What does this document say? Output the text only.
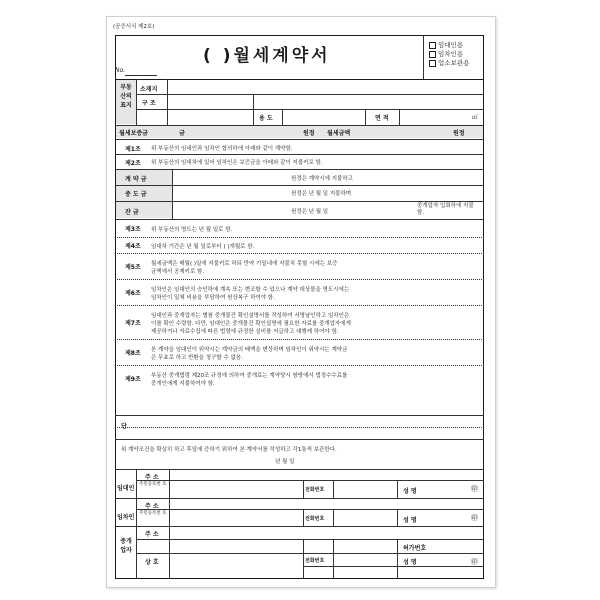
(공증서식 제2호)
No.
( )월세계약서
임대인용
임차인용
업소보관용
부동산의 표지
소재지
구 조
용 도	면 적	㎡
월세보증금	금	원정 월세금액	원정
제1조 위 부동산의 임대인과 임차인 합의하에 아래와 같이 계약함.
제2조 위 부동산의 임대차에 있어 임차인은 보증금을 아래와 같이 지불키로 함.
계 약 금	원정은 계약시에 지불하고
중 도 금	원정은 년 월 일 지불하며
잔 금	원정은 년 월 일
중개업자 입회하에 지불함.
제3조 위 부동산의 명도는 년 월 일로 함.
제4조 임대차 기간은 년 월 일로부터 ( )개월로 함.
제5조 월세금액은 매월( )일에 지불키로 하되 만약 기일내에 지불치 못할 시에는 보증
금액에서 공제키로 함.
제6조 임차인은 임대인의 승인하에 계속 또는 변조할 수 있으나 계약 대상물을 명도시에는
임차인이 일체 비용을 부담하여 원상복구 하여야 함.
제7조
임대인과 중개업자는 별첨 중개물건 확인설명서를 작성하여 서명날인하고 임차인은
이를 확인 수령함. 다만, 임대인은 중개물건 확인설명에 필요한 자료를 중개업자에게
제공하거나 자료수집에 따른 법령에 규정한 실비를 지급하고 대행케 하여야 함.
제8조 본 계약을 임대인이 위약시는 계약금의 배액을 변상하며 임차인이 위약시는 계약금
은 무효로 하고 반환을 청구할 수 없음.
제9조 부동산 중개법령 제20조 규정에 의하여 중개료는 계약당시 쌍방에서 법정수수료를
중개인에게 지불하여야 함.
단
위 계약조건을 확실히 하고 후일에 증하기 위하여 본 계약서를 작성하고 각1통씩 보관한다.
년 월 일
임대인
주 소
주민등록번 호
전화번호	성 명	㊞
임차인
주 소
주민등록번 호
전화번호	성 명	㊞
중개업자
주 소
허가번호
상 호	전화번호	성 명	㊞
